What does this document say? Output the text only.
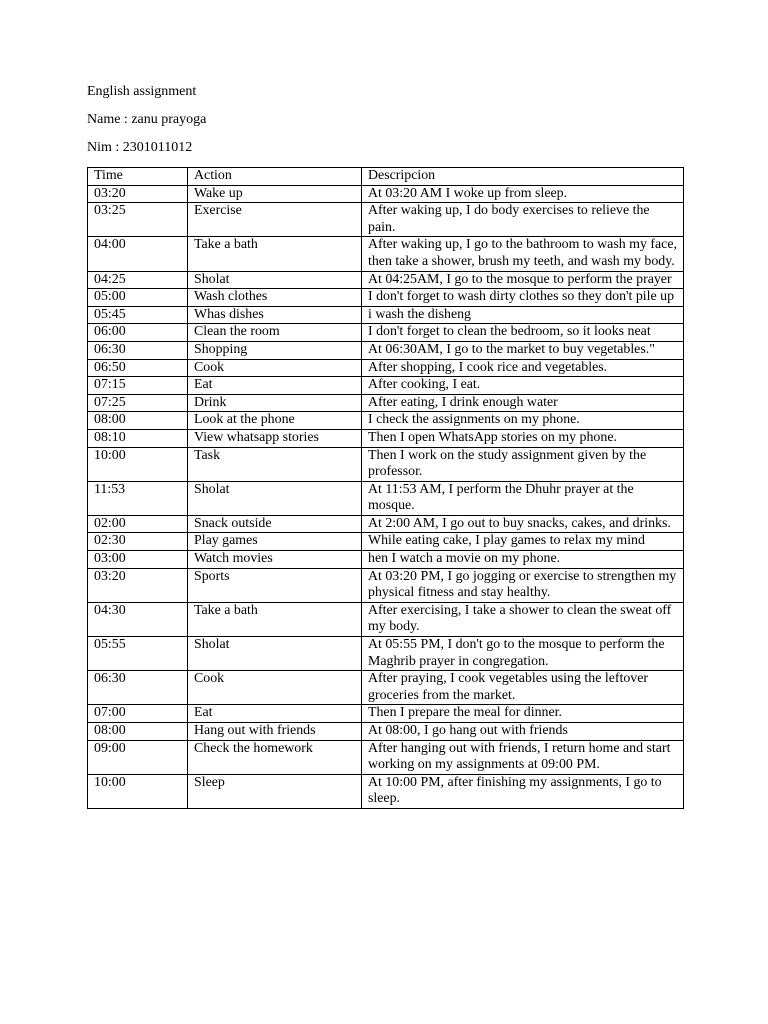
English assignment
Name : zanu prayoga
Nim : 2301011012
Time	Action	Descripcion
03:20	Wake up	At 03:20 AM I woke up from sleep.
03:25	Exercise	After waking up, I do body exercises to relieve the pain.
04:00	Take a bath	After waking up, I go to the bathroom to wash my face, then take a shower, brush my teeth, and wash my body.
04:25	Sholat	At 04:25AM, I go to the mosque to perform the prayer
05:00	Wash clothes	I don't forget to wash dirty clothes so they don't pile up
05:45	Whas dishes	i wash the disheng
06:00	Clean the room	I don't forget to clean the bedroom, so it looks neat
06:30	Shopping	At 06:30AM, I go to the market to buy vegetables."
06:50	Cook	After shopping, I cook rice and vegetables.
07:15	Eat	After cooking, I eat.
07:25	Drink	After eating, I drink enough water
08:00	Look at the phone	I check the assignments on my phone.
08:10	View whatsapp stories	Then I open WhatsApp stories on my phone.
10:00	Task	Then I work on the study assignment given by the professor.
11:53	Sholat	At 11:53 AM, I perform the Dhuhr prayer at the mosque.
02:00	Snack outside	At 2:00 AM, I go out to buy snacks, cakes, and drinks.
02:30	Play games	While eating cake, I play games to relax my mind
03:00	Watch movies	hen I watch a movie on my phone.
03:20	Sports	At 03:20 PM, I go jogging or exercise to strengthen my physical fitness and stay healthy.
04:30	Take a bath	After exercising, I take a shower to clean the sweat off my body.
05:55	Sholat	At 05:55 PM, I don't go to the mosque to perform the Maghrib prayer in congregation.
06:30	Cook	After praying, I cook vegetables using the leftover groceries from the market.
07:00	Eat	Then I prepare the meal for dinner.
08:00	Hang out with friends	At 08:00, I go hang out with friends
09:00	Check the homework	After hanging out with friends, I return home and start working on my assignments at 09:00 PM.
10:00	Sleep	At 10:00 PM, after finishing my assignments, I go to sleep.
